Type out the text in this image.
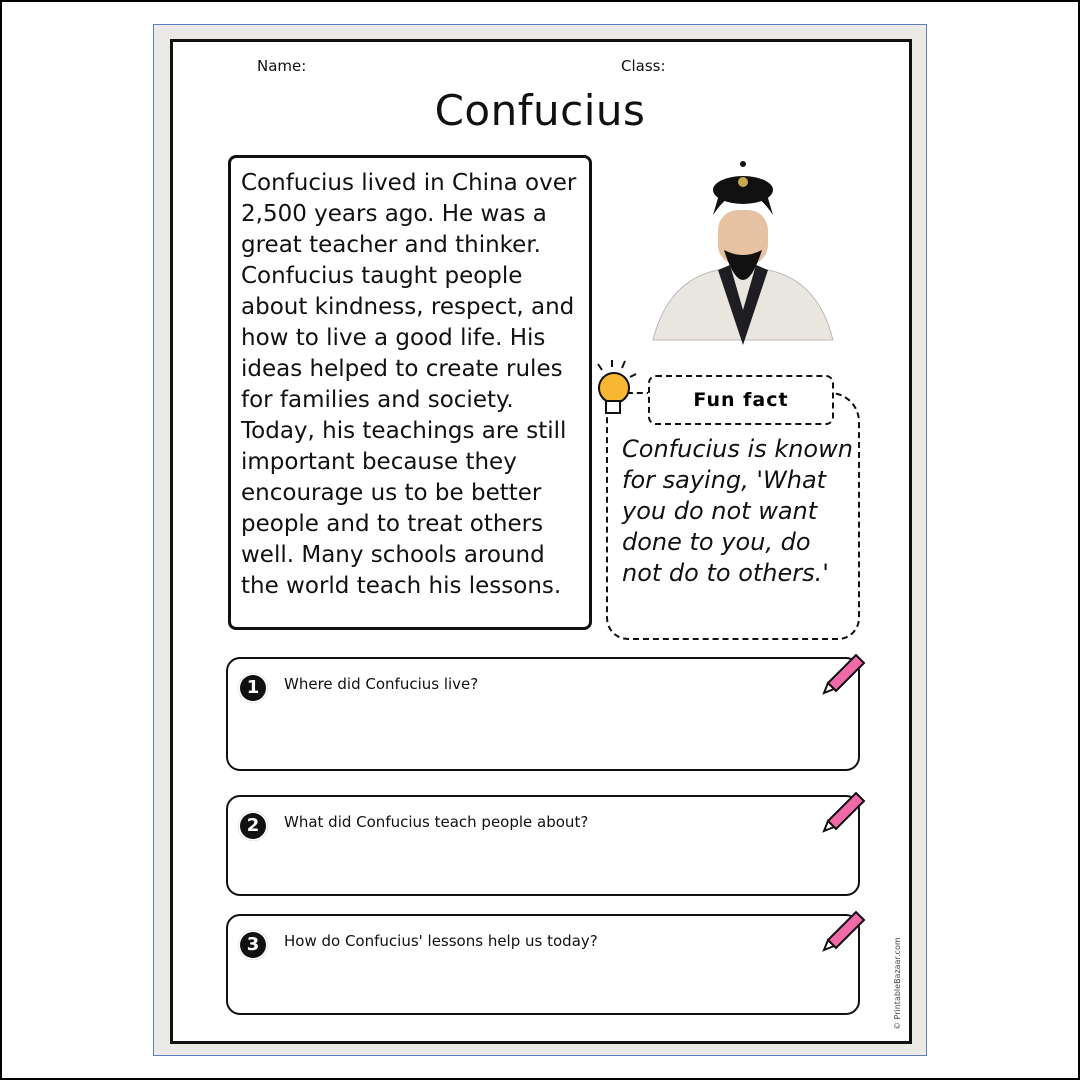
Name:	Class:
Confucius
Confucius lived in China over 2,500 years ago. He was a great teacher and thinker. Confucius taught people about kindness, respect, and how to live a good life. His ideas helped to create rules for families and society. Today, his teachings are still important because they encourage us to be better people and to treat others well. Many schools around the world teach his lessons.
Fun fact
Confucius is known for saying, 'What you do not want done to you, do not do to others.'
1	Where did Confucius live?
2	What did Confucius teach people about?
3	How do Confucius' lessons help us today?	© PrintableBazaar.com
